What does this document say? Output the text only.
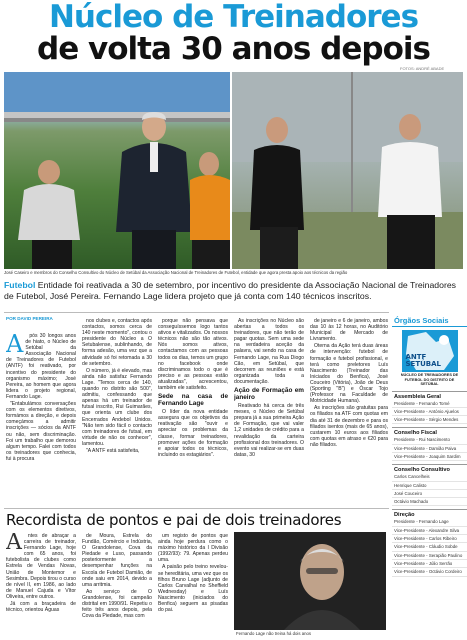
Núcleo de Treinadores
de volta 30 anos depois
FOTOS: ANDRÉ ABADE
José Caseiro e membros do Conselho Consultivo do Núcleo de Setúbal da Associação Nacional de Treinadores de Futebol, entidade que agora presta apoio aos técnicos da região
Futebol Entidade foi reativada a 30 de setembro, por incentivo do presidente da Associação Nacional de Treinadores de Futebol, José Pereira. Fernando Lage lidera projeto que já conta com 140 técnicos inscritos.
POR DAVID PEREIRA
A	pós 30 longos anos de hiato, o Núcleo de Setúbal da Associação Nacional de Treinadores de Futebol (ANTF) foi reativado, por incentivo do presidente do organismo máximo; José Pereira, ao homem que agora lidera o projeto regional, Fernando Lage.

"Entabulámos conversações com os elementos diretivos, formámos a direção, e depois começámos a admitir inscrições — sócios da ANTF ou não, sem discriminação. Foi um trabalho que demorou algum tempo. Falei com todos os treinadores que conhecia, fui à procura

nos clubes e, contactos após contactos, somos cerca de 140 neste momento", contou o presidente do Núcleo a O Setubalense, sublinhando, de forma adesão, uma vez que a atividade só foi retomada a 30 de setembro.

O número, já é elevado, mas ainda não satisfaz Fernando Lage. "Temos cerca de 140, quando no distrito são 500", admitiu, confessando que apenas há um treinador de futsal inscrito, Rui Guimarães, que orienta um clube dos Encerrados Andebol Unidos. "Não tem sido fácil o contacto com treinadores de futsal, em virtude de não os conhecer", lamentou.

"A ANTF está satisfeita,

porque não pensava que conseguíssemos logo tantos ativos e vitalizados. Os nossos técnicos não são tão ativos. Nós somos ativos, contactamos com as pessoas todos os dias, temos um grupo no facebook onde discriminamos todo o que é preciso e as pessoas estão atualizadas", acrescentou, também ele satisfeito.

Sede na casa de Fernando Lage

O líder da nova entidade assegura que os objetivos da reativação são "ouvir e apreciar os problemas da classe, formar treinadores, promover ações de formação e apoiar todos os técnicos, incluindo os estagiários".

As inscrições no Núcleo são abertas a todos os treinadores, que não terão de pagar quotas. Sem uma sede na verdadeira aceção da palavra, vai sendo na casa de Fernando Lage, na Rua Diogo Cão, em Setúbal, que decorrem as reuniões e está organizada toda a documentação.

Ação de Formação em janeiro

Reativado há cerca de três meses, o Núcleo de Setúbal prepara já a sua primeira Ação de Formação, que vai valer 1,2 unidades de crédito para a revalidação da carteira profissional dos treinadores. O evento vai realizar-se em duas datas, 30

de janeiro e 6 de janeiro, ambos das 10 às 12 horas, no Auditório Municipal de Mercado de Livramento.

Oterna da Ação terá duas áreas de intervenção: futebol de formação e futebol profissional, e terá como preletores Luís Nascimento (Treinador das Iniciados do Benfica), José Couceiro (Vitória), João de Deus (Sporting "B") e Óscar Tojo (Professor na Faculdade de Motricidade Humana).

As inscrições são gratuitas para os filiados na ATF com quotas em dia até 31 de dezembro e para os filiados isentos (mais de 65 anos), custarem 10 euros aos filiados com quotas em atraso e €20 para não filiados.

Órgãos Sociais
ANTF SETÚBAL
NÚCLEO DE TREINADORES DE FUTEBOL DO DISTRITO DE SETÚBAL
Assembleia Geral
Presidente - Fernando Tomé
Vice-Presidente - António Ajuelos
Vice-Presidente - Sérgio Mendes
Conselho Fiscal
Presidente - Rui Nascimento
Vice-Presidente - Damião Paiva
Vice-Presidente - Joaquim Sardim
Conselho Consultivo
Carlos Cancelheis
Henrique Calisto
José Couceiro
Octávio Machado
Direção
Presidente - Fernando Lage
Vice-Presidente - Alexandre Silva
Vice-Presidente - Carlos Ribeiro
Vice-Presidente - Cláudio Sobde
Vice-Presidente - Serapião Paulino
Vice-Presidente - Júlio Serrão
Vice-Presidente - Octávio Cordeiro
Recordista de pontos e pai de dois treinadores
A	ntes de abraçar a carreira de treinador, Fernando Lage, hoje com 65 anos, foi futebolista de clubes como Estrela de Vendas Novas, União de Montemor e Sesimbra. Depois tirou o curso de nível II, em 1986, ao lado de Manuel Cajuda e Vítor Oliveira, entre outros.

Já com a braçadeira de técnico, orientou Águas

de Moura, Estrela do Fundão, Comércio e Indústria, O Grandolense, Cova da Piedade e Luso, passando posteriormente a desempenhar funções na Escola de Futebol Damião, de onde saiu em 2014, devido a uma arritmia.

Ao serviço de O Grandolense, foi campeão distrital em 1990/91. Repetiu o feito três anos depois, pela Cova da Piedade, mas com

um registo de pontos que ainda hoje perdura como o máximo histórico da I Divisão (1992/93): 79. Apenas perdeu uma.

A paixão pelo treino revelou-se hereditária, uma vez que os filhos Bruno Lage (adjunto de Carlos Carvalhal no Sheffield Wednesday) e Luís Nascimento (iniciados do Benfica) seguem as pisadas do pai.

Fernando Lage não treina há dois anos
